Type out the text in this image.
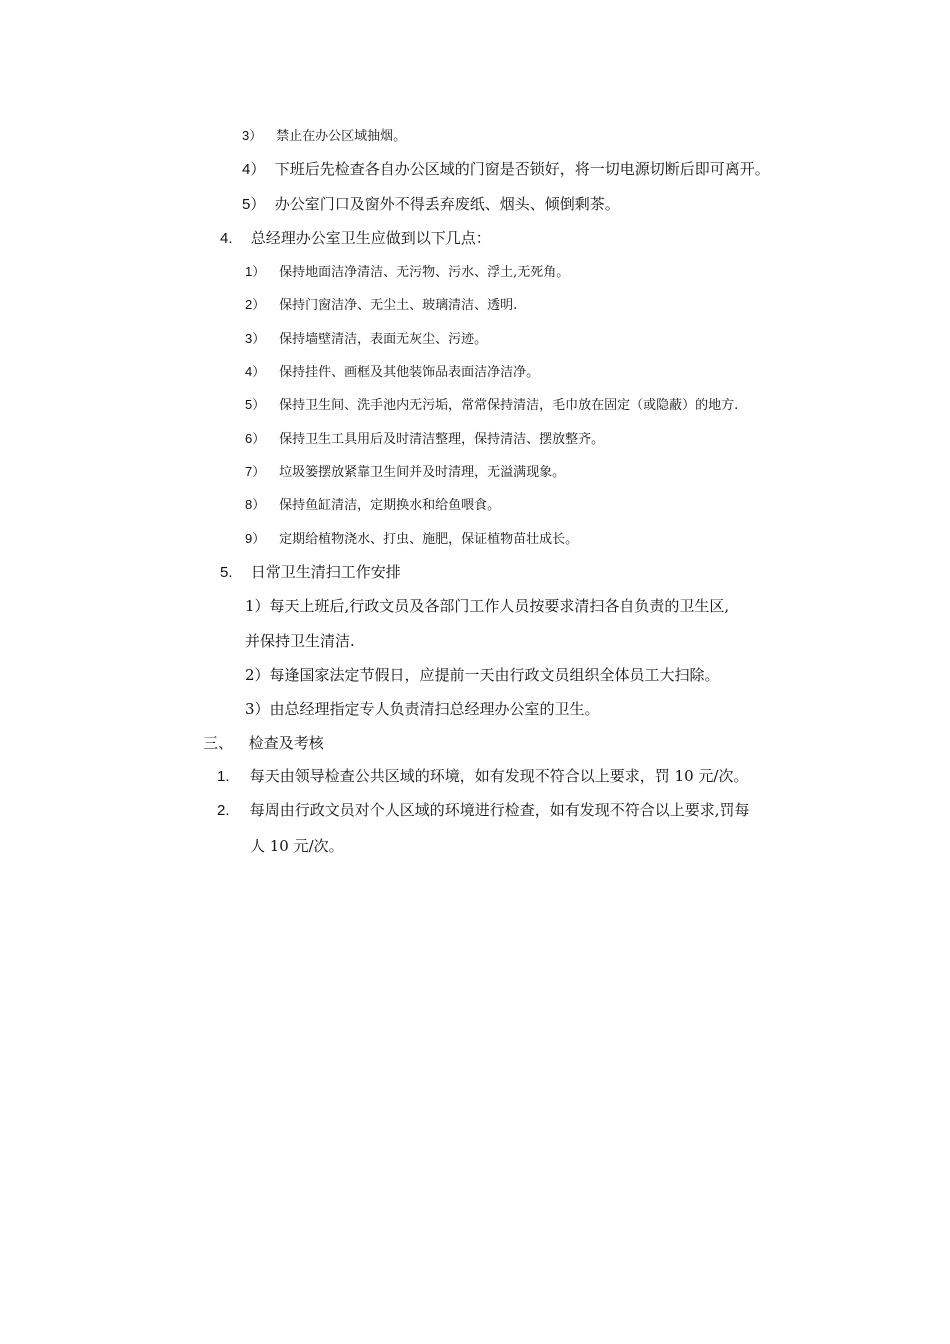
3） 禁止在办公区域抽烟。
4） 下班后先检查各自办公区域的门窗是否锁好，将一切电源切断后即可离开。
5） 办公室门口及窗外不得丢弃废纸、烟头、倾倒剩茶。
4. 总经理办公室卫生应做到以下几点：
1） 保持地面洁净清洁、无污物、污水、浮土,无死角。
2） 保持门窗洁净、无尘土、玻璃清洁、透明.
3） 保持墙壁清洁，表面无灰尘、污迹。
4） 保持挂件、画框及其他装饰品表面洁净洁净。
5） 保持卫生间、洗手池内无污垢，常常保持清洁，毛巾放在固定（或隐蔽）的地方.
6） 保持卫生工具用后及时清洁整理，保持清洁、摆放整齐。
7） 垃圾篓摆放紧靠卫生间并及时清理，无溢满现象。
8） 保持鱼缸清洁，定期换水和给鱼喂食。
9） 定期给植物浇水、打虫、施肥，保证植物苗壮成长。
5. 日常卫生清扫工作安排
1）每天上班后,行政文员及各部门工作人员按要求清扫各自负责的卫生区,
并保持卫生清洁.
2）每逢国家法定节假日，应提前一天由行政文员组织全体员工大扫除。
3）由总经理指定专人负责清扫总经理办公室的卫生。
三、 检查及考核
1. 每天由领导检查公共区域的环境，如有发现不符合以上要求，罚 10 元/次。
2. 每周由行政文员对个人区域的环境进行检查，如有发现不符合以上要求,罚每
人 10 元/次。
